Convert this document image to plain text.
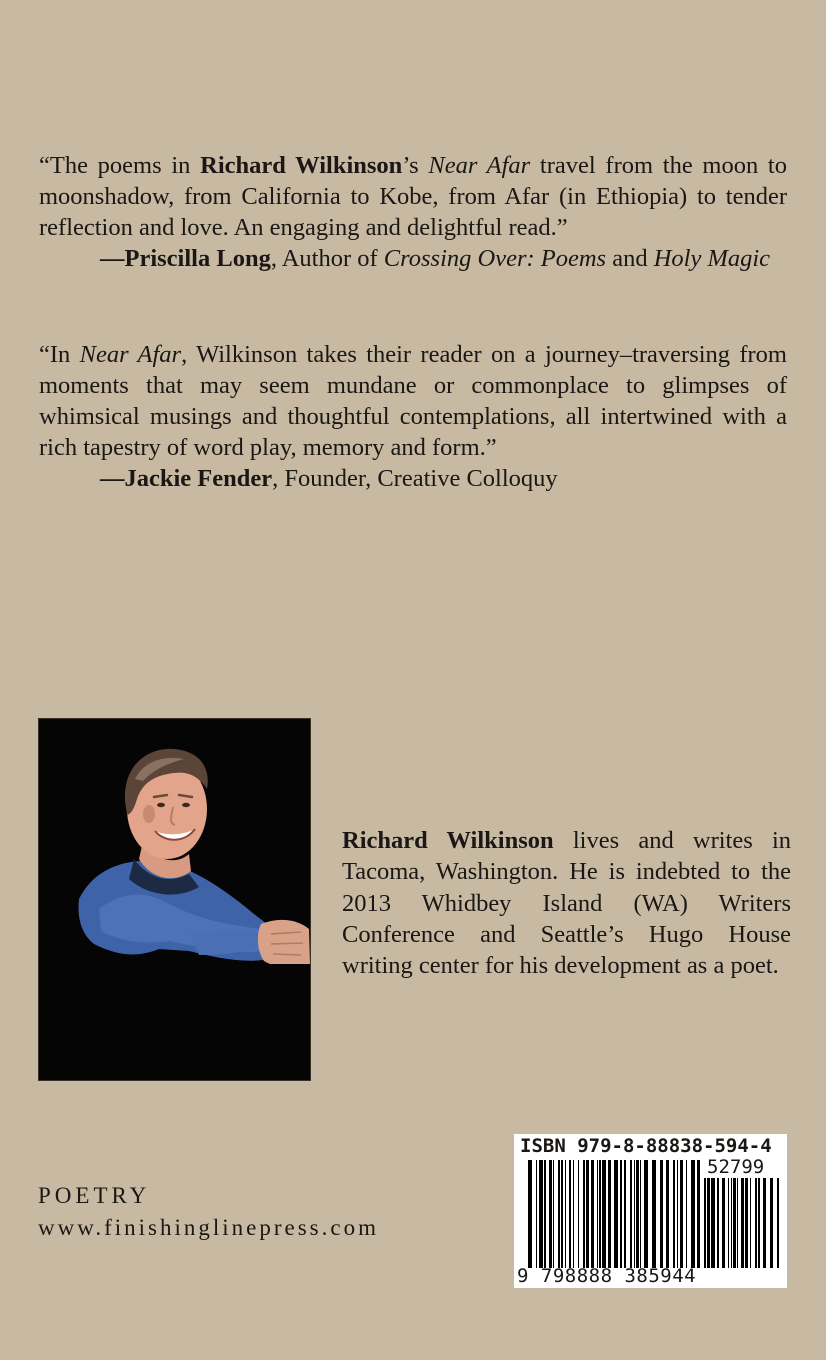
“The poems in Richard Wilkinson’s Near Afar travel from the moon to moonshadow, from California to Kobe, from Afar (in Ethiopia) to tender reflection and love. An engaging and delightful read.”

—Priscilla Long, Author of Crossing Over: Poems and Holy Magic

“In Near Afar, Wilkinson takes their reader on a journey–traversing from moments that may seem mundane or commonplace to glimpses of whimsical musings and thoughtful contemplations, all intertwined with a rich tapestry of word play, memory and form.”

—Jackie Fender, Founder, Creative Colloquy

Richard Wilkinson lives and writes in Tacoma, Washington. He is indebted to the 2013 Whidbey Island (WA) Writers Conference and Seattle’s Hugo House writing center for his development as a poet.

POETRY

www.finishinglinepress.com

ISBN 979-8-88838-594-4

52799

9 798888 385944
